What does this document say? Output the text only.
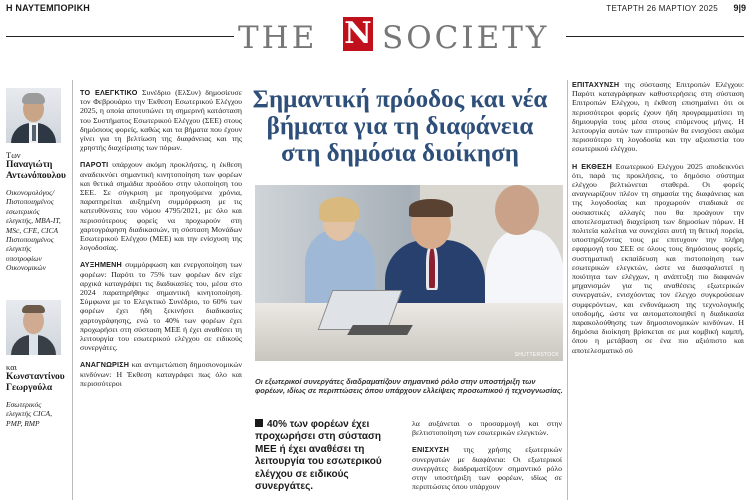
Η ΝΑΥΤΕΜΠΟΡΙΚΗ	ΤΕΤΑΡΤΗ 26 ΜΑΡΤΙΟΥ 2025 9|9
THE N SOCIETY
Των
Παναγιώτη Αντωνόπουλου
Οικονομολόγος/ Πιστοποιημένος εσωτερικός ελεγκτής, MBA-IT, MSc, CFE, CICA Πιστοποιημένος ελεγκτής υποτροφίων Οικονομικών
και
Κωνσταντίνου Γεωργούλα
Εσωτερικός ελεγκτής CICA, PMP, RMP

ΤΟ ΕΛΕΓΚΤΙΚΟ Συνέδριο (ΕλΣυν) δημοσίευσε τον Φεβρουάριο την Έκθεση Εσωτερικού Ελέγχου 2025, η οποία αποτυπώνει τη σημερινή κατάσταση του Συστήματος Εσωτερικού Ελέγχου (ΣΕΕ) στους δημόσιους φορείς, καθώς και τα βήματα που έχουν γίνει για τη βελτίωση της διαφάνειας και της χρηστής διαχείρισης των πόρων.

ΠΑΡΟΤΙ υπάρχουν ακόμη προκλήσεις, η έκθεση αναδεικνύει σημαντική κινητοποίηση των φορέων και θετικά σημάδια προόδου στην υλοποίηση του ΣΕΕ. Σε σύγκριση με προηγούμενα χρόνια, παρατηρείται αυξημένη συμμόρφωση με τις κατευθύνσεις του νόμου 4795/2021, με όλο και περισσότερους φορείς να προχωρούν στη χαρτογράφηση διαδικασιών, τη σύσταση Μονάδων Εσωτερικού Ελέγχου (ΜΕΕ) και την ενίσχυση της λογοδοσίας.

ΑΥΞΗΜΕΝΗ συμμόρφωση και ενεργοποίηση των φορέων: Παρότι το 75% των φορέων δεν είχε αρχικά καταγράψει τις διαδικασίες του, μέσα στο 2024 παρατηρήθηκε σημαντική κινητοποίηση. Σύμφωνα με το Ελεγκτικό Συνέδριο, το 60% των φορέων έχει ήδη ξεκινήσει διαδικασίες χαρτογράφησης, ενώ το 40% των φορέων έχει προχωρήσει στη σύσταση ΜΕΕ ή έχει αναθέσει τη λειτουργία του εσωτερικού ελέγχου σε ειδικούς συνεργάτες.

ΑΝΑΓΝΩΡΙΣΗ και αντιμετώπιση δημοσιονομικών κινδύνων: Η Έκθεση καταγράφει πως όλο και περισσότεροι

Σημαντική πρόοδος και νέα βήματα για τη διαφάνεια στη δημόσια διοίκηση
SHUTTERSTOCK
Οι εξωτερικοί συνεργάτες διαδραματίζουν σημαντικό ρόλο στην υποστήριξη των φορέων, ιδίως σε περιπτώσεις όπου υπάρχουν ελλείψεις προσωπικού ή τεχνογνωσίας.
40% των φορέων έχει προχωρήσει στη σύσταση ΜΕΕ ή έχει αναθέσει τη λειτουργία του εσωτερικού ελέγχου σε ειδικούς συνεργάτες.

λα αυξάνεται ο προσαρμογή και στην βελτιστοποίηση των εσωτερικών ελεγκτών.

ΕΝΙΣΧΥΣΗ της χρήσης εξωτερικών συνεργατών με διαφάνεια: Οι εξωτερικοί συνεργάτες διαδραματίζουν σημαντικό ρόλο στην υποστήριξη των φορέων, ιδίως σε περιπτώσεις όπου υπάρχουν

ΕΠΙΤΑΧΥΝΣΗ της σύστασης Επιτροπών Ελέγχου: Παρότι καταγράφηκαν καθυστερήσεις στη σύσταση Επιτροπών Ελέγχου, η έκθεση επισημαίνει ότι οι περισσότεροι φορείς έχουν ήδη προγραμματίσει τη δημιουργία τους μέσα στους επόμενους μήνες. Η λειτουργία αυτών των επιτροπών θα ενισχύσει ακόμα περισσότερο τη λογοδοσία και την αξιοπιστία του εσωτερικού ελέγχου.

Η ΕΚΘΕΣΗ Εσωτερικού Ελέγχου 2025 αποδεικνύει ότι, παρά τις προκλήσεις, το δημόσιο σύστημα ελέγχου βελτιώνεται σταθερά. Οι φορείς αναγνωρίζουν πλέον τη σημασία της διαφάνειας και της λογοδοσίας και προχωρούν σταδιακά σε ουσιαστικές αλλαγές που θα προάγουν την αποτελεσματική διαχείριση των δημοσίων πόρων. Η πολιτεία καλείται να συνεχίσει αυτή τη θετική πορεία, υποστηρίζοντας τους με επιτυχουν την πλήρη εφαρμογή του ΣΕΕ σε όλους τους δημόσιους φορείς, συστηματική εκπαίδευση και πιστοποίηση των εσωτερικών ελεγκτών, ώστε να διασφαλιστεί η ποιότητα των ελέγχων, η ανάπτυξη πιο διαφανών μηχανισμών για τις αναθέσεις εξωτερικών συνεργατών, ενισχύοντας τον έλεγχο συγκρούσεων συμφερόντων, και ενδυνάμωση της τεχνολογικής υποδομής, ώστε να αυτοματοποιηθεί η διαδικασία παρακολούθησης των δημοσιονομικών κινδύνων. Η δημόσια διοίκηση βρίσκεται σε μια κομβική καμπή, όπου η μετάβαση σε ένα πιο αξιόπιστο και αποτελεσματικό σύ
